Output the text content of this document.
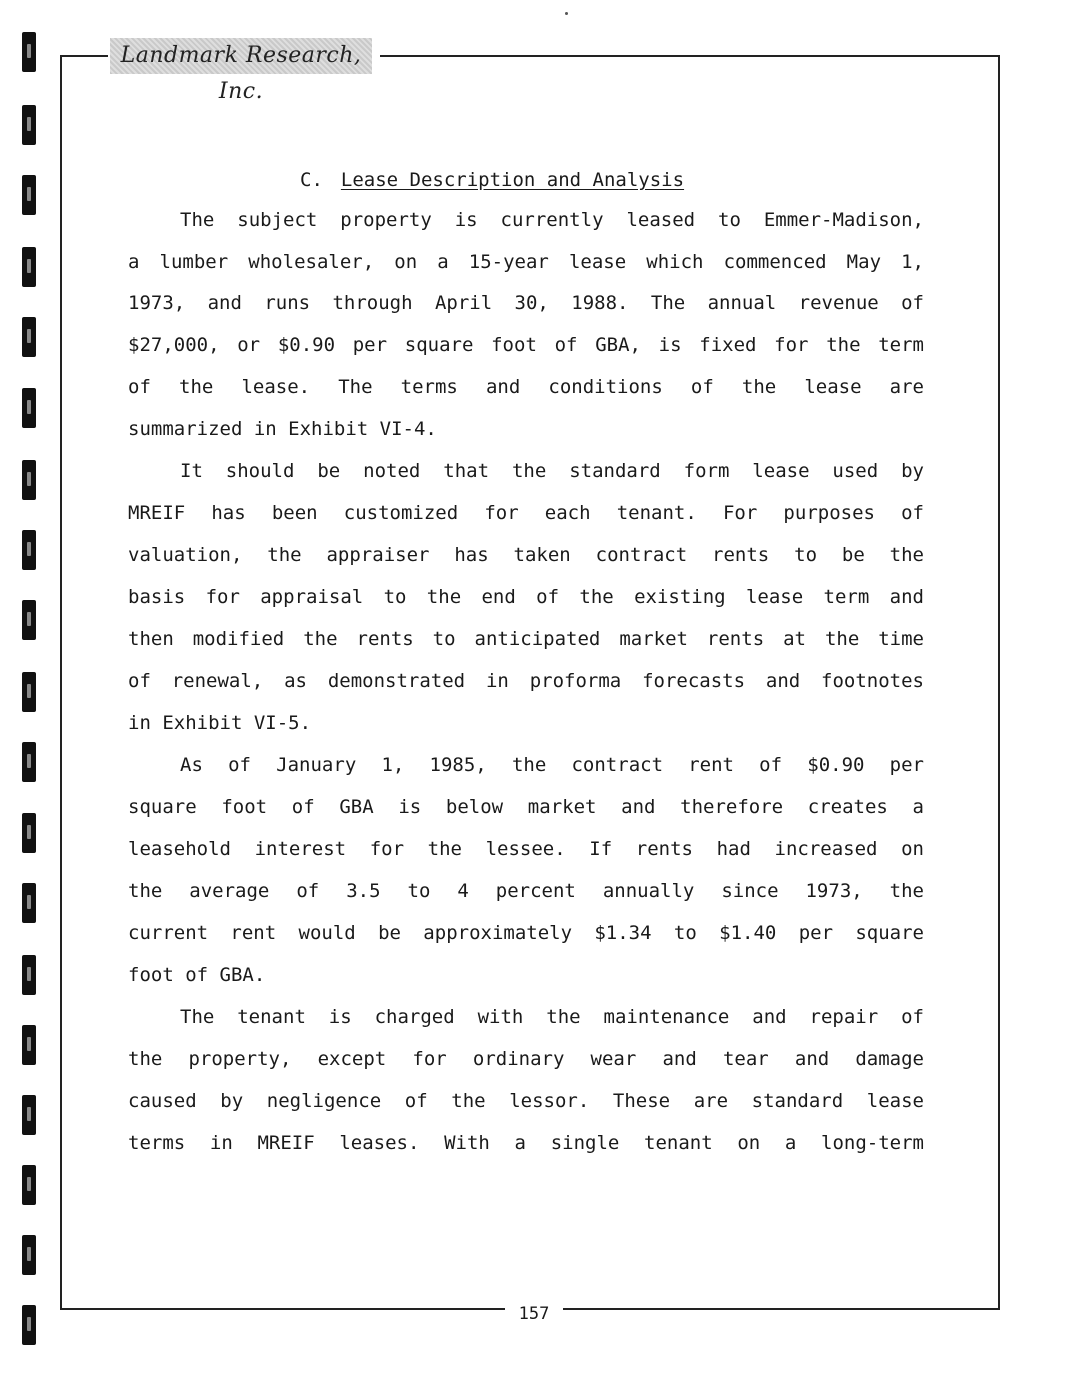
Landmark Research, Inc.
C. Lease Description and Analysis
The subject property is currently leased to Emmer-Madison,
a lumber wholesaler, on a 15-year lease which commenced May 1,
1973, and runs through April 30, 1988. The annual revenue of
$27,000, or $0.90 per square foot of GBA, is fixed for the term
of the lease. The terms and conditions of the lease are
summarized in Exhibit VI-4.
It should be noted that the standard form lease used by
MREIF has been customized for each tenant. For purposes of
valuation, the appraiser has taken contract rents to be the
basis for appraisal to the end of the existing lease term and
then modified the rents to anticipated market rents at the time
of renewal, as demonstrated in proforma forecasts and footnotes
in Exhibit VI-5.
As of January 1, 1985, the contract rent of $0.90 per
square foot of GBA is below market and therefore creates a
leasehold interest for the lessee. If rents had increased on
the average of 3.5 to 4 percent annually since 1973, the
current rent would be approximately $1.34 to $1.40 per square
foot of GBA.
The tenant is charged with the maintenance and repair of
the property, except for ordinary wear and tear and damage
caused by negligence of the lessor. These are standard lease
terms in MREIF leases. With a single tenant on a long-term
157
